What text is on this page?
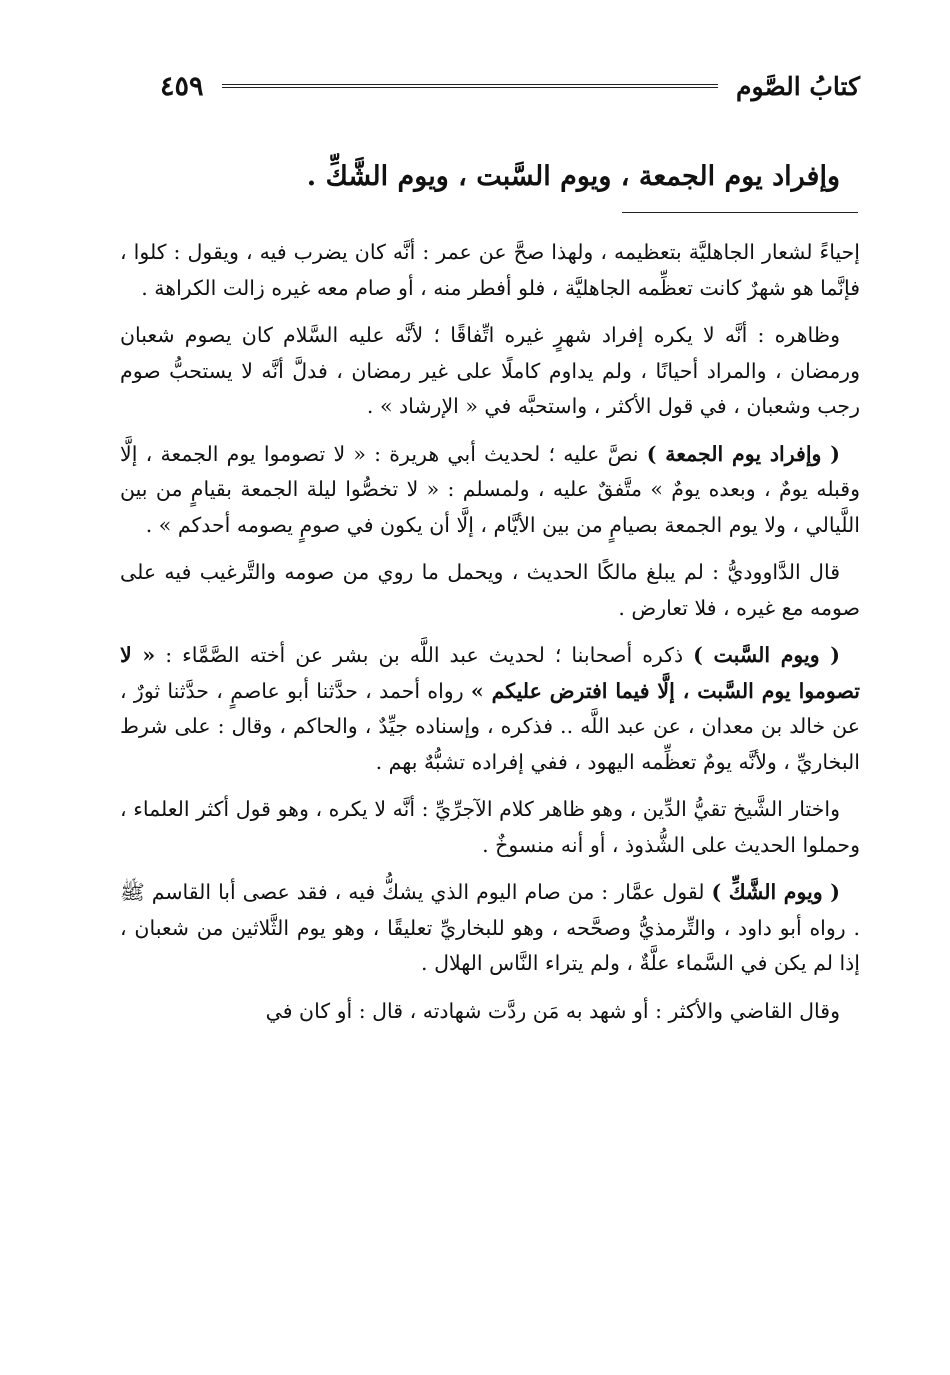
كتابُ الصَّوم
٤٥٩
وإفراد يوم الجمعة ، ويوم السَّبت ، ويوم الشَّكِّ .

إحياءً لشعار الجاهليَّة بتعظيمه ، ولهذا صحَّ عن عمر : أنَّه كان يضرب فيه ، ويقول : كلوا ، فإنَّما هو شهرٌ كانت تعظِّمه الجاهليَّة ، فلو أفطر منه ، أو صام معه غيره زالت الكراهة .

وظاهره : أنَّه لا يكره إفراد شهرٍ غيره اتِّفاقًا ؛ لأنَّه عليه السَّلام كان يصوم شعبان ورمضان ، والمراد أحيانًا ، ولم يداوم كاملًا على غير رمضان ، فدلَّ أنَّه لا يستحبُّ صوم رجب وشعبان ، في قول الأكثر ، واستحبَّه في « الإرشاد » .

( وإفراد يوم الجمعة ) نصَّ عليه ؛ لحديث أبي هريرة : « لا تصوموا يوم الجمعة ، إلَّا وقبله يومٌ ، وبعده يومٌ » متَّفقٌ عليه ، ولمسلم : « لا تخصُّوا ليلة الجمعة بقيامٍ من بين اللَّيالي ، ولا يوم الجمعة بصيامٍ من بين الأيَّام ، إلَّا أن يكون في صومٍ يصومه أحدكم » .

قال الدَّاووديُّ : لم يبلغ مالكًا الحديث ، ويحمل ما روي من صومه والتَّرغيب فيه على صومه مع غيره ، فلا تعارض .

( ويوم السَّبت ) ذكره أصحابنا ؛ لحديث عبد اللَّه بن بشر عن أخته الصَّمَّاء : « لا تصوموا يوم السَّبت ، إلَّا فيما افترض عليكم » رواه أحمد ، حدَّثنا أبو عاصمٍ ، حدَّثنا ثورٌ ، عن خالد بن معدان ، عن عبد اللَّه .. فذكره ، وإسناده جيِّدٌ ، والحاكم ، وقال : على شرط البخاريِّ ، ولأنَّه يومٌ تعظِّمه اليهود ، ففي إفراده تشبُّهٌ بهم .

واختار الشَّيخ تقيُّ الدِّين ، وهو ظاهر كلام الآجرِّيِّ : أنَّه لا يكره ، وهو قول أكثر العلماء ، وحملوا الحديث على الشُّذوذ ، أو أنه منسوخٌ .

( ويوم الشَّكِّ ) لقول عمَّار : من صام اليوم الذي يشكُّ فيه ، فقد عصى أبا القاسم ﷺ . رواه أبو داود ، والتِّرمذيُّ وصحَّحه ، وهو للبخاريِّ تعليقًا ، وهو يوم الثَّلاثين من شعبان ، إذا لم يكن في السَّماء علَّةٌ ، ولم يتراء النَّاس الهلال .

وقال القاضي والأكثر : أو شهد به مَن ردَّت شهادته ، قال : أو كان في
